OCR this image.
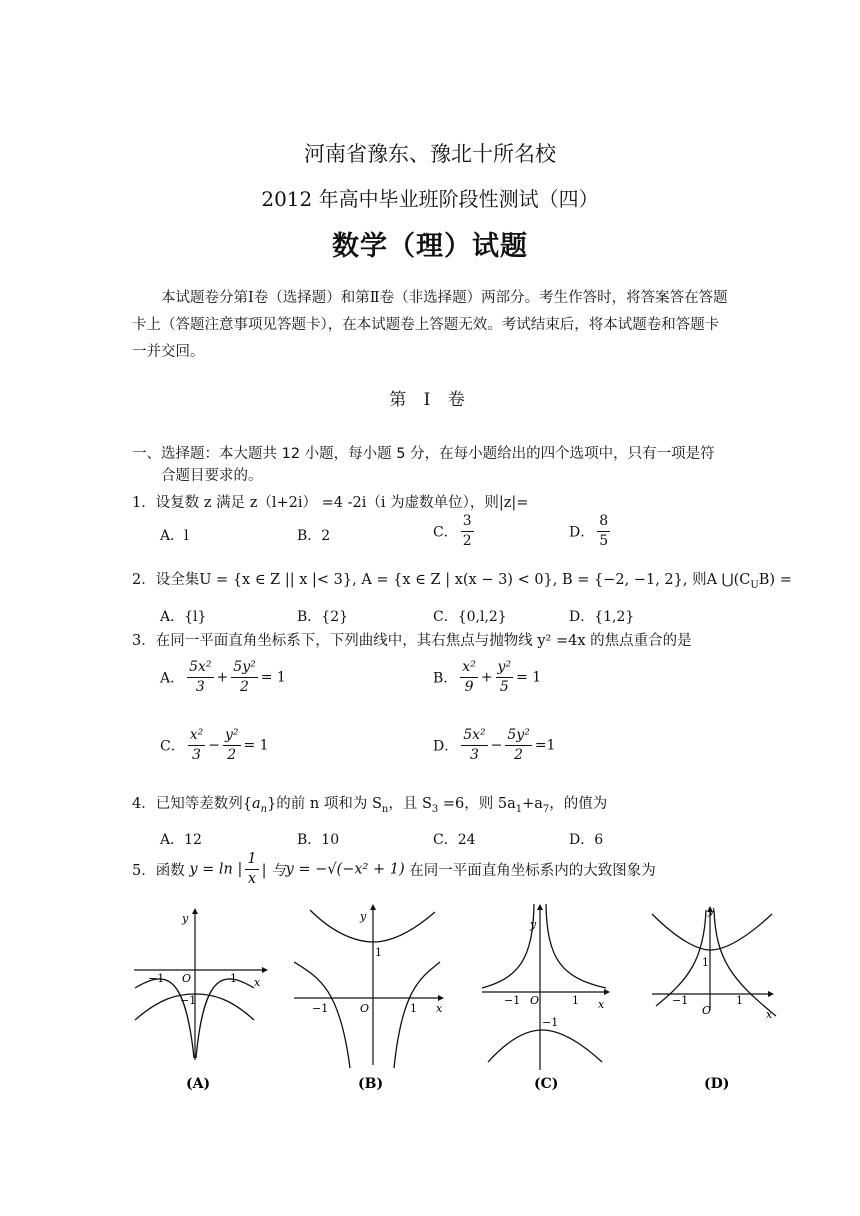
河南省豫东、豫北十所名校
2012 年高中毕业班阶段性测试（四）
数学（理）试题
本试题卷分第Ⅰ卷（选择题）和第Ⅱ卷（非选择题）两部分。考生作答时，将答案答在答题卡上（答题注意事项见答题卡），在本试题卷上答题无效。考试结束后，将本试题卷和答题卡一并交回。
第 Ⅰ 卷
一、选择题：本大题共 12 小题，每小题 5 分，在每小题给出的四个选项中，只有一项是符
合题目要求的。
1．设复数 z 满足 z（l+2i） =4 -2i（i 为虚数单位），则|z|=
A．l	B．2	C． $\frac{3}{2}$	D． $\frac{8}{5}$
2．设全集U = {x ∈ Z || x |< 3}, A = {x ∈ Z | x(x − 3) < 0}, B = {−2, −1, 2}, 则A $⋃(C_UB)$ =
A．{l}	B．{2}	C．{0,l,2}	D．{1,2}
3．在同一平面直角坐标系下，下列曲线中，其右焦点与抛物线 y² =4x 的焦点重合的是
A． $\frac{\text{5x²}}{3} + \frac{\text{5y²}}{2} = 1$	B． $\frac{\text{x²}}{9} + \frac{\text{y²}}{5} = 1$
C． $\frac{\text{x²}}{3} - \frac{\text{y²}}{2} = 1$	D． $\frac{\text{5x²}}{3} - \frac{\text{5y²}}{2} =1$
4．已知等差数列$\{a_n\}$的前 n 项和为 $S_n$，且 $S_3 =6$，则 $5a_1+a_7$，的值为
A．12	B．10	C．24	D．6
5．函数 y = ln | $\frac{1}{x}$ | 与y = −√(−x² + 1) 在同一平面直角坐标系内的大致图象为
y
−1 O	1 x
−1
(A)
y
1
−1	O	1 x
(B)
y
−1 O	1 x
−1
(C)
y
1
−1
O
1
x
(D)
